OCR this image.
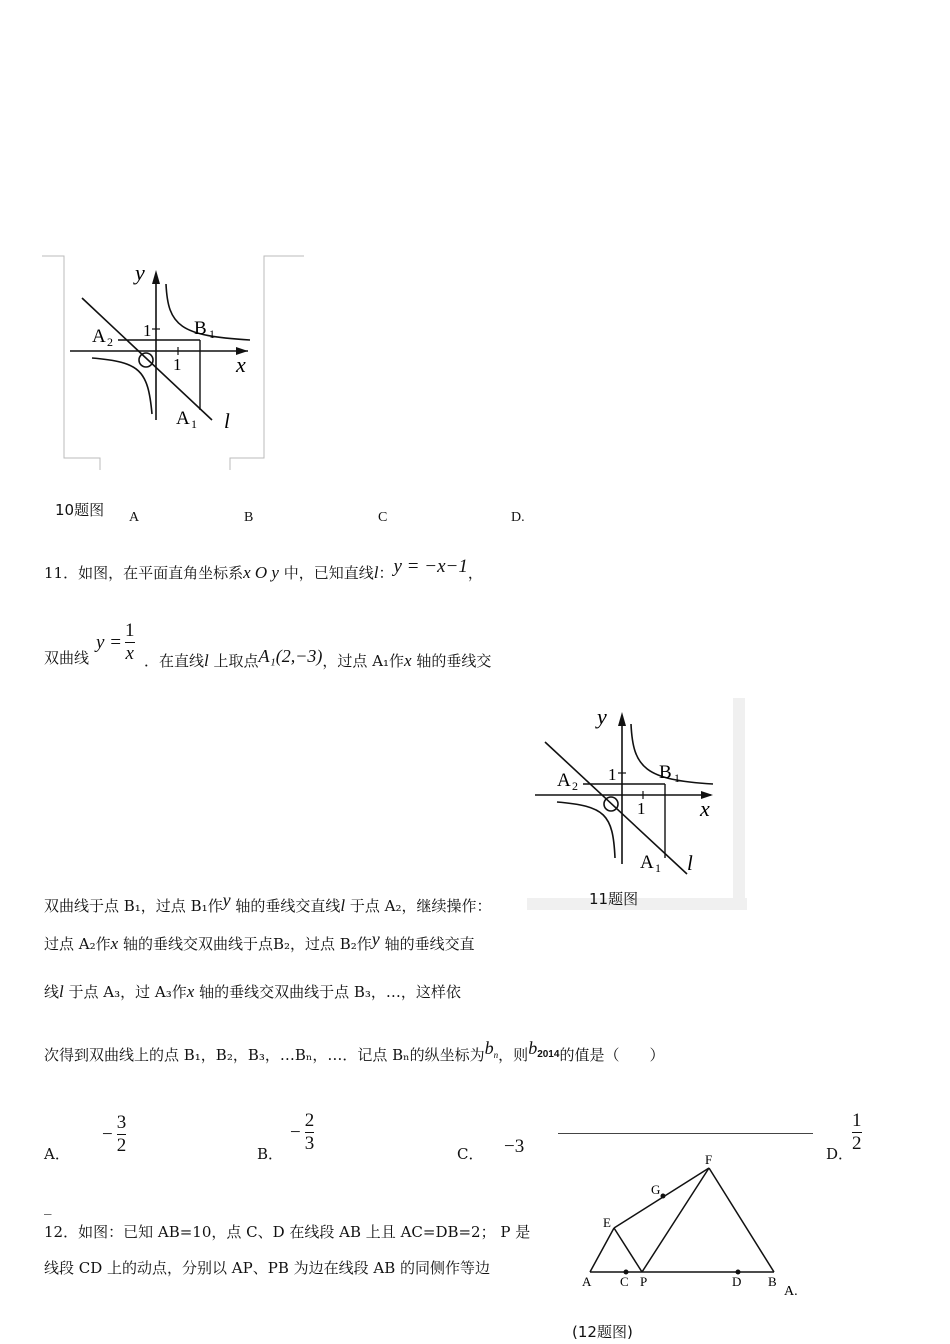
y
x
1
1
A 2
B 1
A 1 l
10题图 A	B	C	D.
11．如图，在平面直角坐标系x O y 中，已知直线l：y = −x−1，
双曲线
$y = \frac{1}{x}$ ．在直线l 上取点A₁(2,−3)，过点 A₁作x 轴的垂线交
y
x
1
1
A 2
B 1
A 1 l
11题图
双曲线于点 B₁，过点 B₁作y 轴的垂线交直线l 于点 A₂，继续操作：
过点 A₂作x 轴的垂线交双曲线于点B₂，过点 B₂作y 轴的垂线交直
线l 于点 A₃，过 A₃作x 轴的垂线交双曲线于点 B₃，…，这样依
次得到双曲线上的点 B₁，B₂，B₃，…Bₙ，…．记点 Bₙ的纵坐标为bn，则$b^{2014}$的值是（　　）
A．
− $\frac{3}{2}$	B．
− $\frac{2}{3}$	C． −3	D．
$\frac{1}{2}$
_
12．如图：已知 AB=10，点 C、D 在线段 AB 上且 AC=DB=2； P 是
线段 CD 上的动点，分别以 AP、PB 为边在线段 AB 的同侧作等边
F
G
E
A C P	D B
A.
(12题图)
